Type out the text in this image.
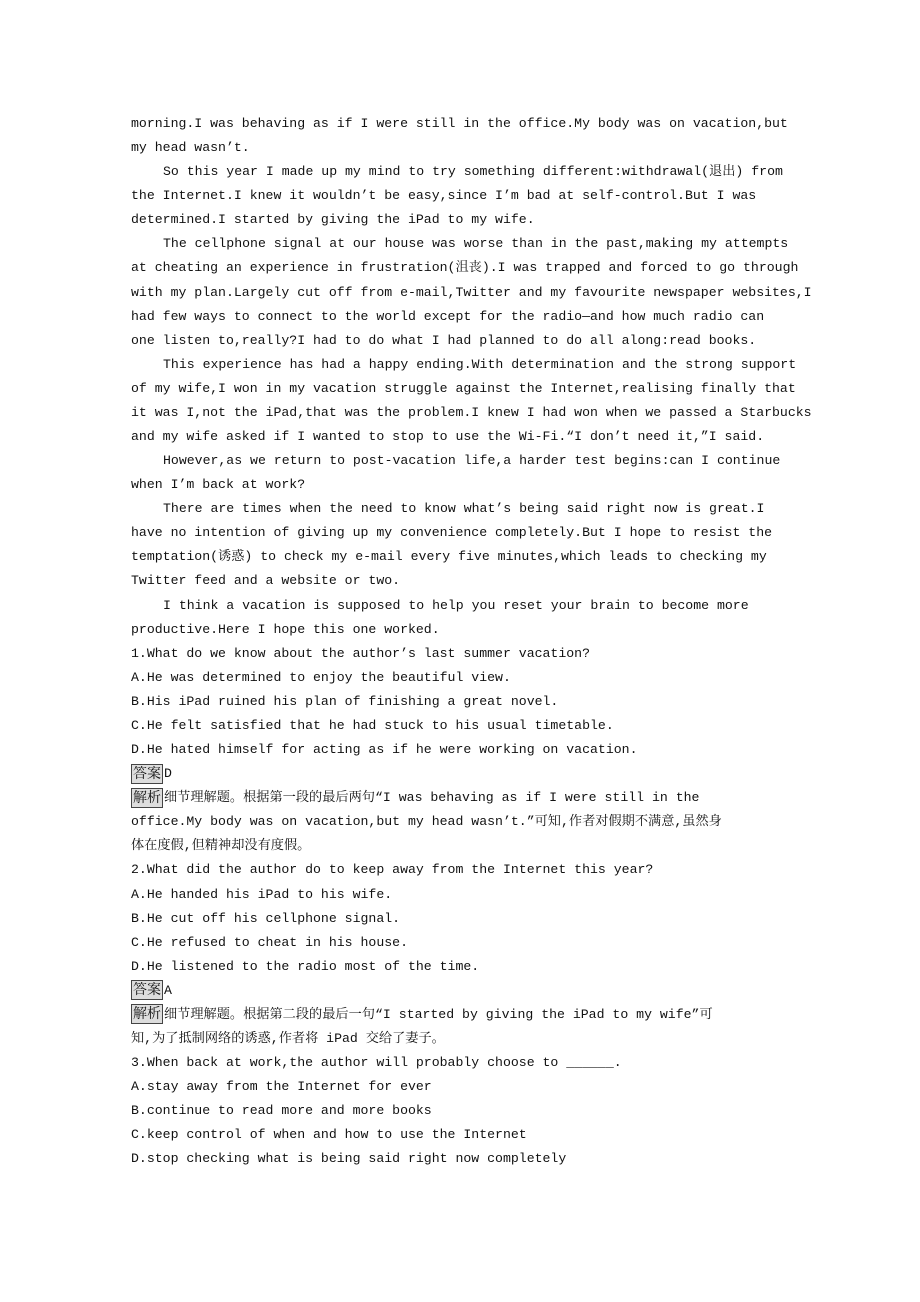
morning.I was behaving as if I were still in the office.My body was on vacation,but
my head wasn’t.
So this year I made up my mind to try something different:withdrawal(退出) from
the Internet.I knew it wouldn’t be easy,since I’m bad at self-control.But I was
determined.I started by giving the iPad to my wife.
The cellphone signal at our house was worse than in the past,making my attempts
at cheating an experience in frustration(沮丧).I was trapped and forced to go through
with my plan.Largely cut off from e-mail,Twitter and my favourite newspaper websites,I
had few ways to connect to the world except for the radio—and how much radio can
one listen to,really?I had to do what I had planned to do all along:read books.
This experience has had a happy ending.With determination and the strong support
of my wife,I won in my vacation struggle against the Internet,realising finally that
it was I,not the iPad,that was the problem.I knew I had won when we passed a Starbucks
and my wife asked if I wanted to stop to use the Wi-Fi.“I don’t need it,”I said.
However,as we return to post-vacation life,a harder test begins:can I continue
when I’m back at work?
There are times when the need to know what’s being said right now is great.I
have no intention of giving up my convenience completely.But I hope to resist the
temptation(诱惑) to check my e-mail every five minutes,which leads to checking my
Twitter feed and a website or two.
I think a vacation is supposed to help you reset your brain to become more
productive.Here I hope this one worked.
1.What do we know about the author’s last summer vacation?
A.He was determined to enjoy the beautiful view.
B.His iPad ruined his plan of finishing a great novel.
C.He felt satisfied that he had stuck to his usual timetable.
D.He hated himself for acting as if he were working on vacation.
答案 D
解析 细节理解题。根据第一段的最后两句“I was behaving as if I were still in the
office.My body was on vacation,but my head wasn’t.”可知,作者对假期不满意,虽然身
体在度假,但精神却没有度假。
2.What did the author do to keep away from the Internet this year?
A.He handed his iPad to his wife.
B.He cut off his cellphone signal.
C.He refused to cheat in his house.
D.He listened to the radio most of the time.
答案 A
解析 细节理解题。根据第二段的最后一句“I started by giving the iPad to my wife”可
知,为了抵制网络的诱惑,作者将 iPad 交给了妻子。
3.When back at work,the author will probably choose to ______.
A.stay away from the Internet for ever
B.continue to read more and more books
C.keep control of when and how to use the Internet
D.stop checking what is being said right now completely
